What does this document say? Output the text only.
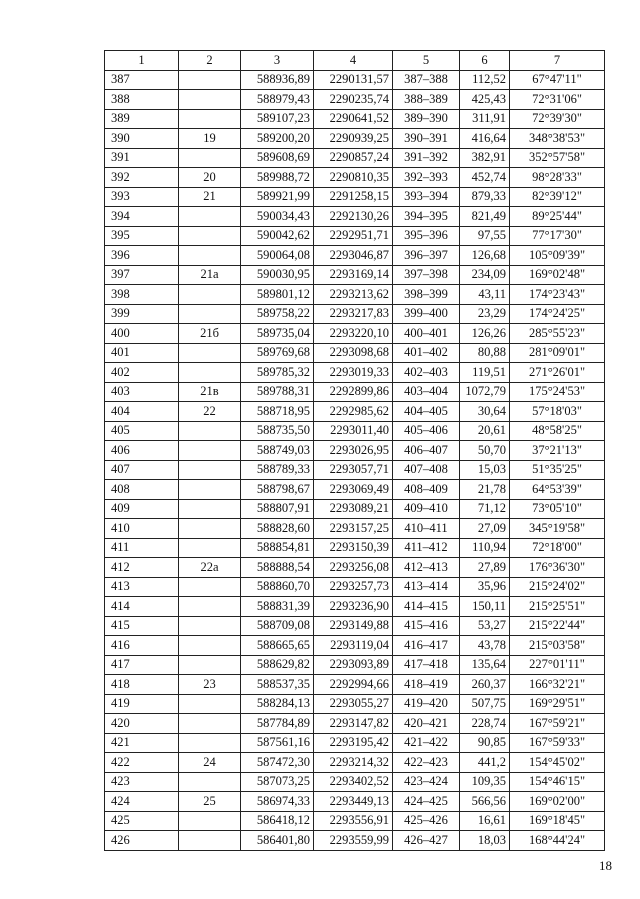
1	2	3	4	5	6	7
387		588936,89	2290131,57	387–388	112,52	67°47'11"
388		588979,43	2290235,74	388–389	425,43	72°31'06"
389		589107,23	2290641,52	389–390	311,91	72°39'30"
390	19	589200,20	2290939,25	390–391	416,64	348°38'53"
391		589608,69	2290857,24	391–392	382,91	352°57'58"
392	20	589988,72	2290810,35	392–393	452,74	98°28'33"
393	21	589921,99	2291258,15	393–394	879,33	82°39'12"
394		590034,43	2292130,26	394–395	821,49	89°25'44"
395		590042,62	2292951,71	395–396	97,55	77°17'30"
396		590064,08	2293046,87	396–397	126,68	105°09'39"
397	21а	590030,95	2293169,14	397–398	234,09	169°02'48"
398		589801,12	2293213,62	398–399	43,11	174°23'43"
399		589758,22	2293217,83	399–400	23,29	174°24'25"
400	21б	589735,04	2293220,10	400–401	126,26	285°55'23"
401		589769,68	2293098,68	401–402	80,88	281°09'01"
402		589785,32	2293019,33	402–403	119,51	271°26'01"
403	21в	589788,31	2292899,86	403–404	1072,79	175°24'53"
404	22	588718,95	2292985,62	404–405	30,64	57°18'03"
405		588735,50	2293011,40	405–406	20,61	48°58'25"
406		588749,03	2293026,95	406–407	50,70	37°21'13"
407		588789,33	2293057,71	407–408	15,03	51°35'25"
408		588798,67	2293069,49	408–409	21,78	64°53'39"
409		588807,91	2293089,21	409–410	71,12	73°05'10"
410		588828,60	2293157,25	410–411	27,09	345°19'58"
411		588854,81	2293150,39	411–412	110,94	72°18'00"
412	22а	588888,54	2293256,08	412–413	27,89	176°36'30"
413		588860,70	2293257,73	413–414	35,96	215°24'02"
414		588831,39	2293236,90	414–415	150,11	215°25'51"
415		588709,08	2293149,88	415–416	53,27	215°22'44"
416		588665,65	2293119,04	416–417	43,78	215°03'58"
417		588629,82	2293093,89	417–418	135,64	227°01'11"
418	23	588537,35	2292994,66	418–419	260,37	166°32'21"
419		588284,13	2293055,27	419–420	507,75	169°29'51"
420		587784,89	2293147,82	420–421	228,74	167°59'21"
421		587561,16	2293195,42	421–422	90,85	167°59'33"
422	24	587472,30	2293214,32	422–423	441,2	154°45'02"
423		587073,25	2293402,52	423–424	109,35	154°46'15"
424	25	586974,33	2293449,13	424–425	566,56	169°02'00"
425		586418,12	2293556,91	425–426	16,61	169°18'45"
426		586401,80	2293559,99	426–427	18,03	168°44'24"
18
